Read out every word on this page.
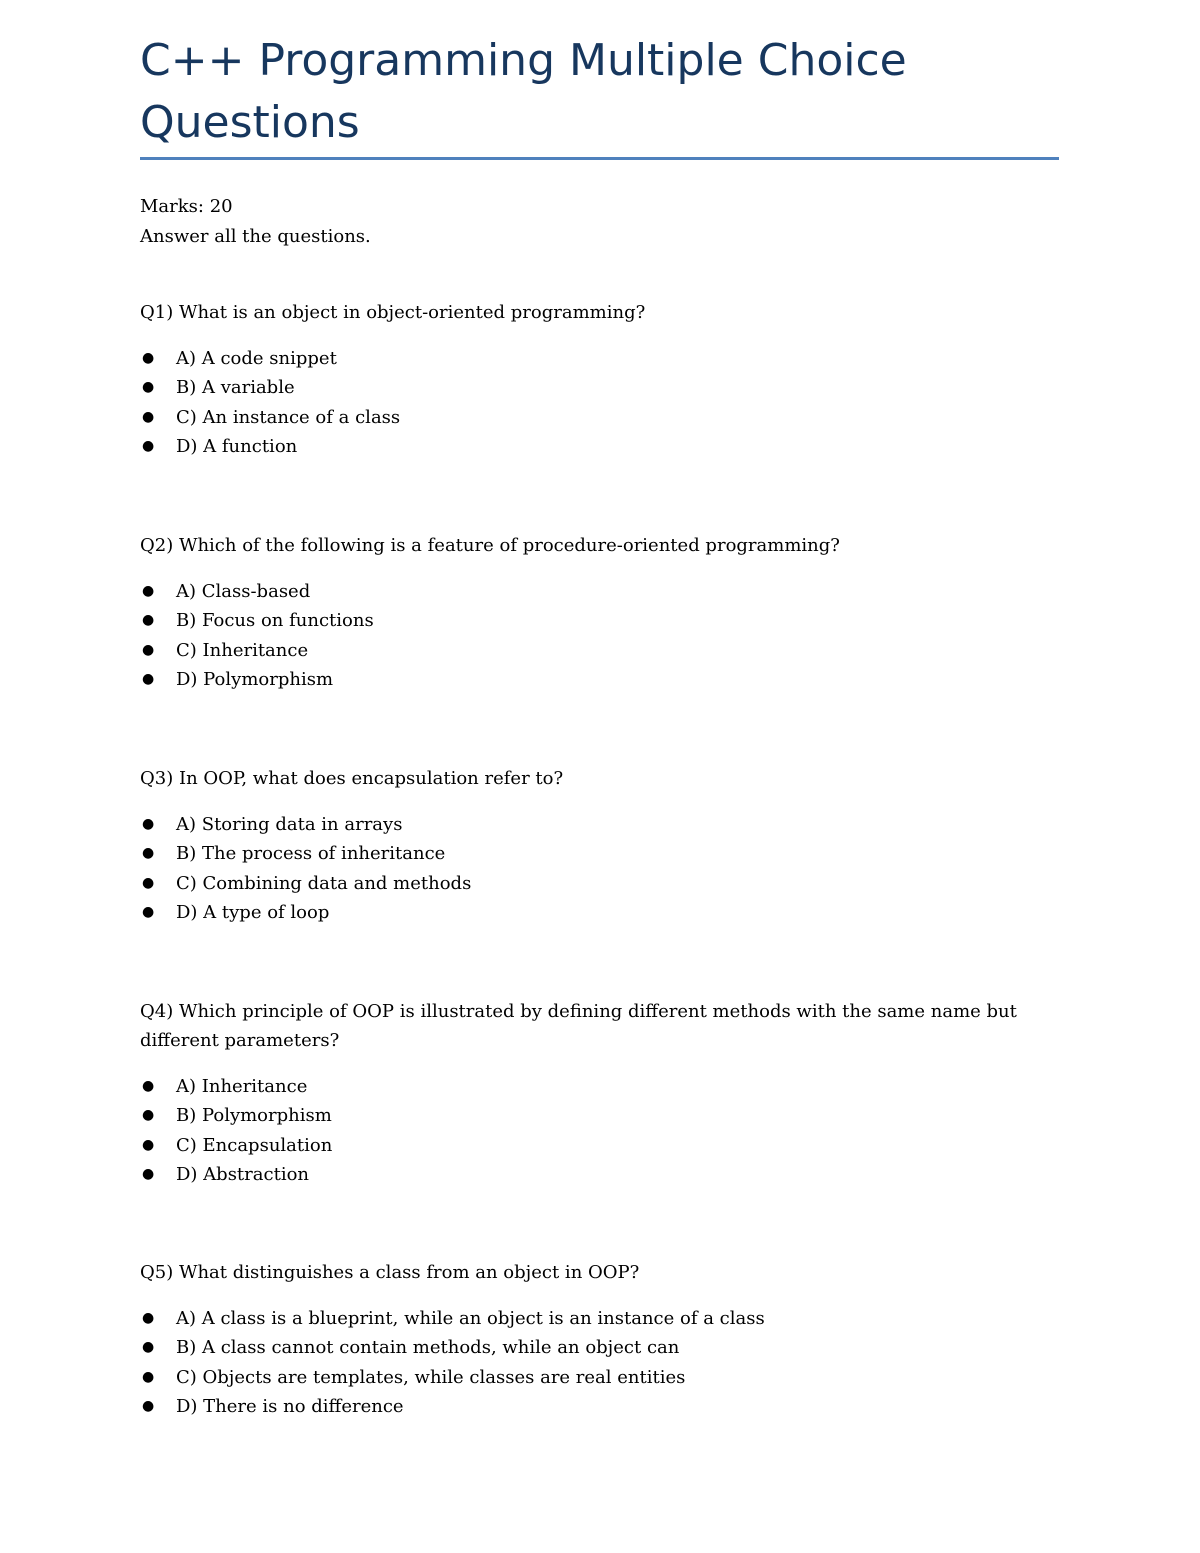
C++ Programming Multiple Choice Questions
Marks: 20
Answer all the questions.

Q1) What is an object in object-oriented programming?

● A) A code snippet
● B) A variable
● C) An instance of a class
● D) A function

Q2) Which of the following is a feature of procedure-oriented programming?

● A) Class-based
● B) Focus on functions
● C) Inheritance
● D) Polymorphism

Q3) In OOP, what does encapsulation refer to?

● A) Storing data in arrays
● B) The process of inheritance
● C) Combining data and methods
● D) A type of loop

Q4) Which principle of OOP is illustrated by defining different methods with the same name but different parameters?

● A) Inheritance
● B) Polymorphism
● C) Encapsulation
● D) Abstraction

Q5) What distinguishes a class from an object in OOP?

● A) A class is a blueprint, while an object is an instance of a class
● B) A class cannot contain methods, while an object can
● C) Objects are templates, while classes are real entities
● D) There is no difference
